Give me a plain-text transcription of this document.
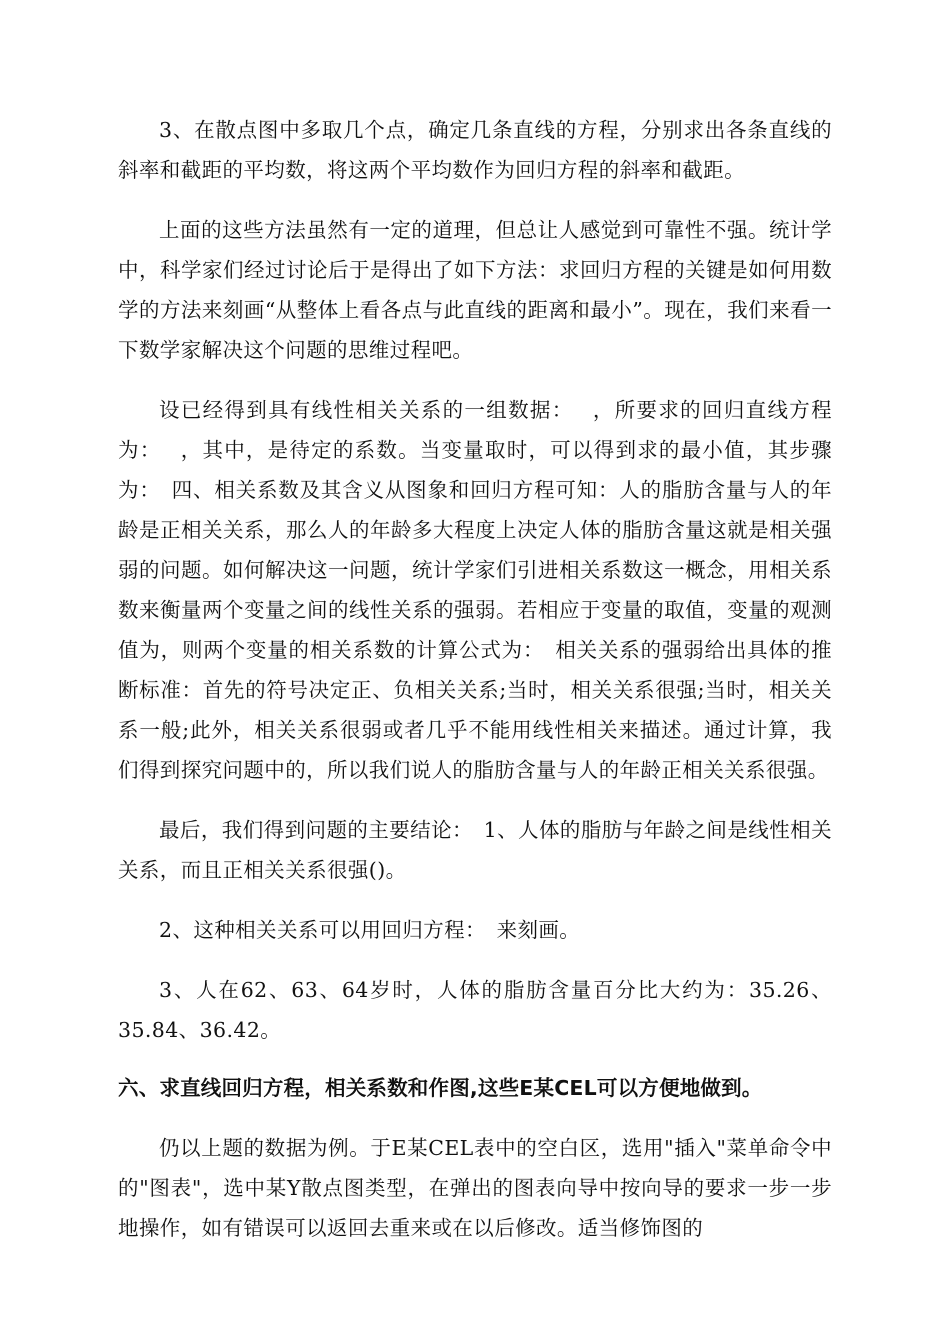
3、在散点图中多取几个点，确定几条直线的方程，分别求出各条直线的斜率和截距的平均数，将这两个平均数作为回归方程的斜率和截距。

上面的这些方法虽然有一定的道理，但总让人感觉到可靠性不强。统计学中，科学家们经过讨论后于是得出了如下方法：求回归方程的关键是如何用数学的方法来刻画“从整体上看各点与此直线的距离和最小”。现在，我们来看一下数学家解决这个问题的思维过程吧。

设已经得到具有线性相关关系的一组数据：　 ，所要求的回归直线方程为：　 ，其中，是待定的系数。当变量取时，可以得到求的最小值，其步骤为：　四、相关系数及其含义从图象和回归方程可知：人的脂肪含量与人的年龄是正相关关系，那么人的年龄多大程度上决定人体的脂肪含量这就是相关强弱的问题。如何解决这一问题，统计学家们引进相关系数这一概念，用相关系数来衡量两个变量之间的线性关系的强弱。若相应于变量的取值，变量的观测值为，则两个变量的相关系数的计算公式为：　相关关系的强弱给出具体的推断标准：首先的符号决定正、负相关关系;当时，相关关系很强;当时，相关关系一般;此外，相关关系很弱或者几乎不能用线性相关来描述。通过计算，我们得到探究问题中的，所以我们说人的脂肪含量与人的年龄正相关关系很强。

最后，我们得到问题的主要结论：　1、人体的脂肪与年龄之间是线性相关关系，而且正相关关系很强()。

2、这种相关关系可以用回归方程：　来刻画。

3、人在62、63、64岁时，人体的脂肪含量百分比大约为：35.26、35.84、36.42。

六、求直线回归方程，相关系数和作图,这些E某CEL可以方便地做到。

仍以上题的数据为例。于E某CEL表中的空白区，选用"插入"菜单命令中的"图表"，选中某Y散点图类型，在弹出的图表向导中按向导的要求一步一步地操作，如有错误可以返回去重来或在以后修改。适当修饰图的
